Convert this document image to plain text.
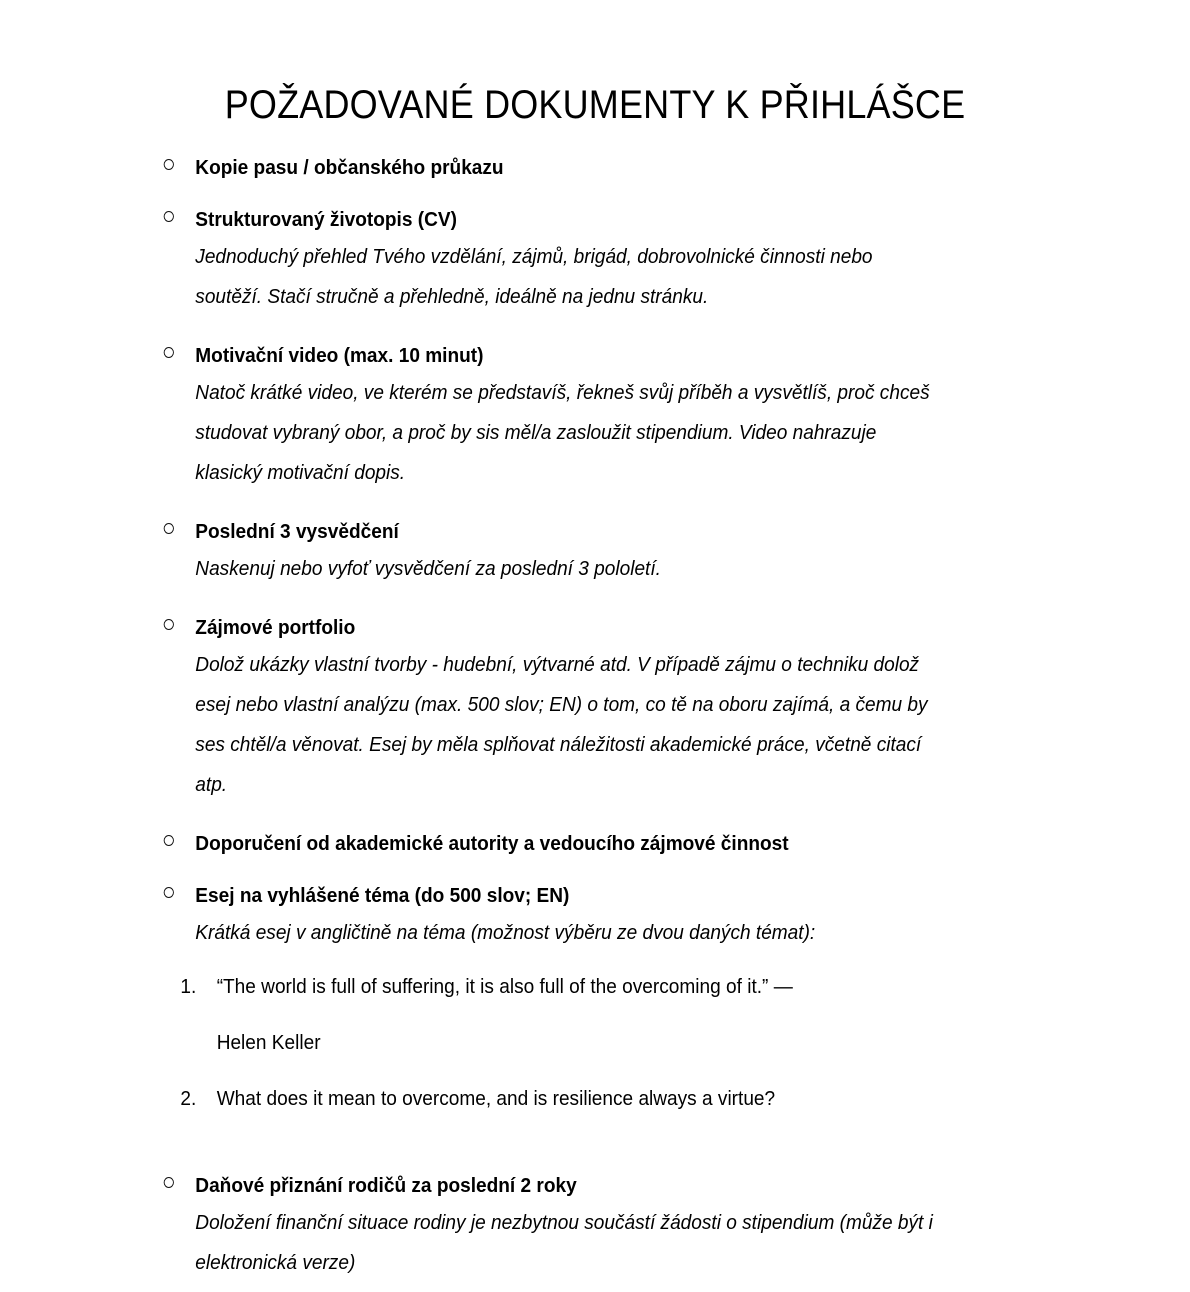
POŽADOVANÉ DOKUMENTY K PŘIHLÁŠCE
Kopie pasu / občanského průkazu
Strukturovaný životopis (CV)

Jednoduchý přehled Tvého vzdělání, zájmů, brigád, dobrovolnické činnosti nebo soutěží. Stačí stručně a přehledně, ideálně na jednu stránku.

Motivační video (max. 10 minut)

Natoč krátké video, ve kterém se představíš, řekneš svůj příběh a vysvětlíš, proč chceš studovat vybraný obor, a proč by sis měl/a zasloužit stipendium. Video nahrazuje klasický motivační dopis.

Poslední 3 vysvědčení

Naskenuj nebo vyfoť vysvědčení za poslední 3 pololetí.

Zájmové portfolio

Dolož ukázky vlastní tvorby - hudební, výtvarné atd. V případě zájmu o techniku dolož esej nebo vlastní analýzu (max. 500 slov; EN) o tom, co tě na oboru zajímá, a čemu by ses chtěl/a věnovat. Esej by měla splňovat náležitosti akademické práce, včetně citací atp.

Doporučení od akademické autority a vedoucího zájmové činnost
Esej na vyhlášené téma (do 500 slov; EN)

Krátká esej v angličtině na téma (možnost výběru ze dvou daných témat):

1. “The world is full of suffering, it is also full of the overcoming of it.” —
Helen Keller
2. What does it mean to overcome, and is resilience always a virtue?
Daňové přiznání rodičů za poslední 2 roky

Doložení finanční situace rodiny je nezbytnou součástí žádosti o stipendium (může být i elektronická verze)
